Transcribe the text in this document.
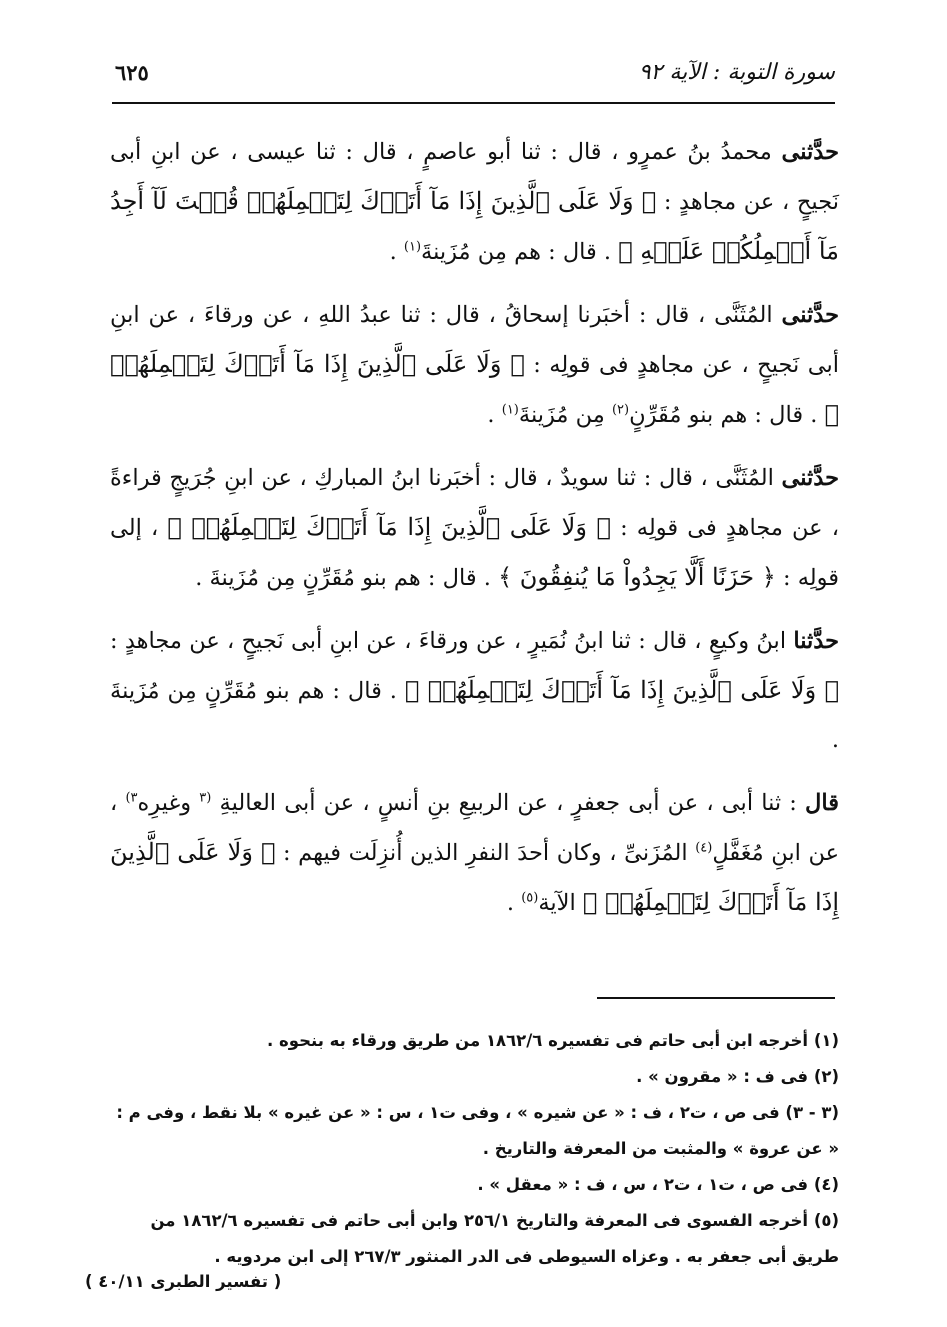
سورة التوبة : الآية ٩٢
٦٢٥

حدَّثنى محمدُ بنُ عمرٍو ، قال : ثنا أبو عاصمٍ ، قال : ثنا عيسى ، عن ابنِ أبى نَجيحٍ ، عن مجاهدٍ : ﴿ وَلَا عَلَى ٱلَّذِينَ إِذَا مَآ أَتَوۡكَ لِتَحۡمِلَهُمۡ قُلۡتَ لَآ أَجِدُ مَآ أَحۡمِلُكُمۡ عَلَيۡهِ ﴾ . قال : هم مِن مُزَينةَ$^{(١)}$ .

حدَّثنى المُثَنَّى ، قال : أخبَرنا إسحاقُ ، قال : ثنا عبدُ اللهِ ، عن ورقاءَ ، عن ابنِ أبى نَجيحٍ ، عن مجاهدٍ فى قولِه : ﴿ وَلَا عَلَى ٱلَّذِينَ إِذَا مَآ أَتَوۡكَ لِتَحۡمِلَهُمۡ ﴾ . قال : هم بنو مُقَرِّنٍ$^{(٢)}$ مِن مُزَينةَ$^{(١)}$ .

حدَّثنى المُثَنَّى ، قال : ثنا سويدٌ ، قال : أخبَرنا ابنُ المباركِ ، عن ابنِ جُرَيجٍ قراءةً ، عن مجاهدٍ فى قولِه : ﴿ وَلَا عَلَى ٱلَّذِينَ إِذَا مَآ أَتَوۡكَ لِتَحۡمِلَهُمۡ ﴾ ، إلى قولِه : ﴿ حَزَنًا أَلَّا يَجِدُواْ مَا يُنفِقُونَ ﴾ . قال : هم بنو مُقَرِّنٍ مِن مُزَينةَ .

حدَّثنا ابنُ وكيعٍ ، قال : ثنا ابنُ نُمَيرٍ ، عن ورقاءَ ، عن ابنِ أبى نَجيحٍ ، عن مجاهدٍ : ﴿ وَلَا عَلَى ٱلَّذِينَ إِذَا مَآ أَتَوۡكَ لِتَحۡمِلَهُمۡ ﴾ . قال : هم بنو مُقَرِّنٍ مِن مُزَينةَ .

قال : ثنا أبى ، عن أبى جعفرٍ ، عن الربيعِ بنِ أنسٍ ، عن أبى العاليةِ $^{(٣}$ وغيرِه$^{٣)}$ ، عن ابنِ مُغَفَّلٍ$^{(٤)}$ المُزَنىِّ ، وكان أحدَ النفرِ الذين أُنزِلَت فيهم : ﴿ وَلَا عَلَى ٱلَّذِينَ إِذَا مَآ أَتَوۡكَ لِتَحۡمِلَهُمۡ ﴾ الآية$^{(٥)}$ .

(١) أخرجه ابن أبى حاتم فى تفسيره ١٨٦٢/٦ من طريق ورقاء به بنحوه .

(٢) فى ف : « مقرون » .

(٣ - ٣) فى ص ، ت٢ ، ف : « عن شيره » ، وفى ت١ ، س : « عن غيره » بلا نقط ، وفى م : « عن عروة » والمثبت من المعرفة والتاريخ .

(٤) فى ص ، ت١ ، ت٢ ، س ، ف : « معقل » .

(٥) أخرجه الفسوى فى المعرفة والتاريخ ٢٥٦/١ وابن أبى حاتم فى تفسيره ١٨٦٢/٦ من طريق أبى جعفر به . وعزاه السيوطى فى الدر المنثور ٢٦٧/٣ إلى ابن مردويه .

( تفسير الطبرى ٤٠/١١ )
